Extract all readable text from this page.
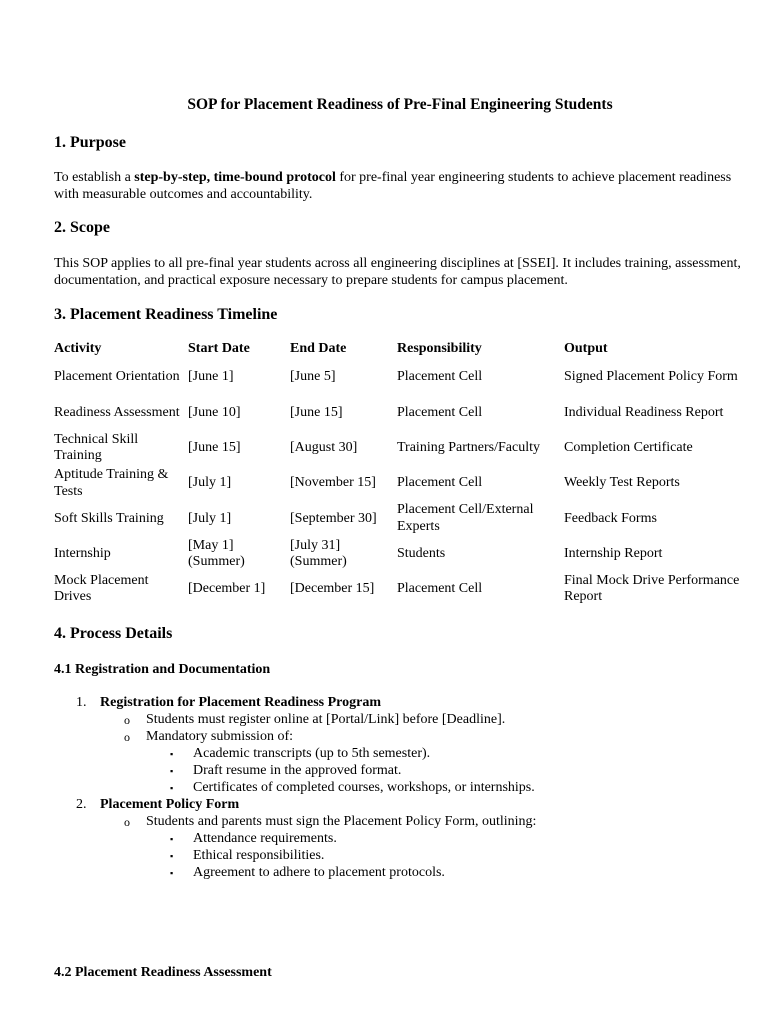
SOP for Placement Readiness of Pre-Final Engineering Students
1. Purpose

To establish a step-by-step, time-bound protocol for pre-final year engineering students to achieve placement readiness with measurable outcomes and accountability.

2. Scope

This SOP applies to all pre-final year students across all engineering disciplines at [SSEI]. It includes training, assessment, documentation, and practical exposure necessary to prepare students for campus placement.

3. Placement Readiness Timeline
Activity	Start Date	End Date	Responsibility	Output
Placement Orientation	[June 1]	[June 5]	Placement Cell	Signed Placement Policy Form
Readiness Assessment	[June 10]	[June 15]	Placement Cell	Individual Readiness Report
Technical Skill Training	[June 15]	[August 30]	Training Partners/Faculty	Completion Certificate
Aptitude Training & Tests	[July 1]	[November 15]	Placement Cell	Weekly Test Reports
Soft Skills Training	[July 1]	[September 30]	Placement Cell/External Experts	Feedback Forms
Internship	[May 1] (Summer)	[July 31] (Summer)	Students	Internship Report
Mock Placement Drives	[December 1]	[December 15]	Placement Cell	Final Mock Drive Performance Report
4. Process Details
4.1 Registration and Documentation
1. Registration for Placement Readiness Program
o Students must register online at [Portal/Link] before [Deadline].
o Mandatory submission of:
▪ Academic transcripts (up to 5th semester).
▪ Draft resume in the approved format.
▪ Certificates of completed courses, workshops, or internships.
2. Placement Policy Form
o Students and parents must sign the Placement Policy Form, outlining:
▪ Attendance requirements.
▪ Ethical responsibilities.
▪ Agreement to adhere to placement protocols.
4.2 Placement Readiness Assessment
